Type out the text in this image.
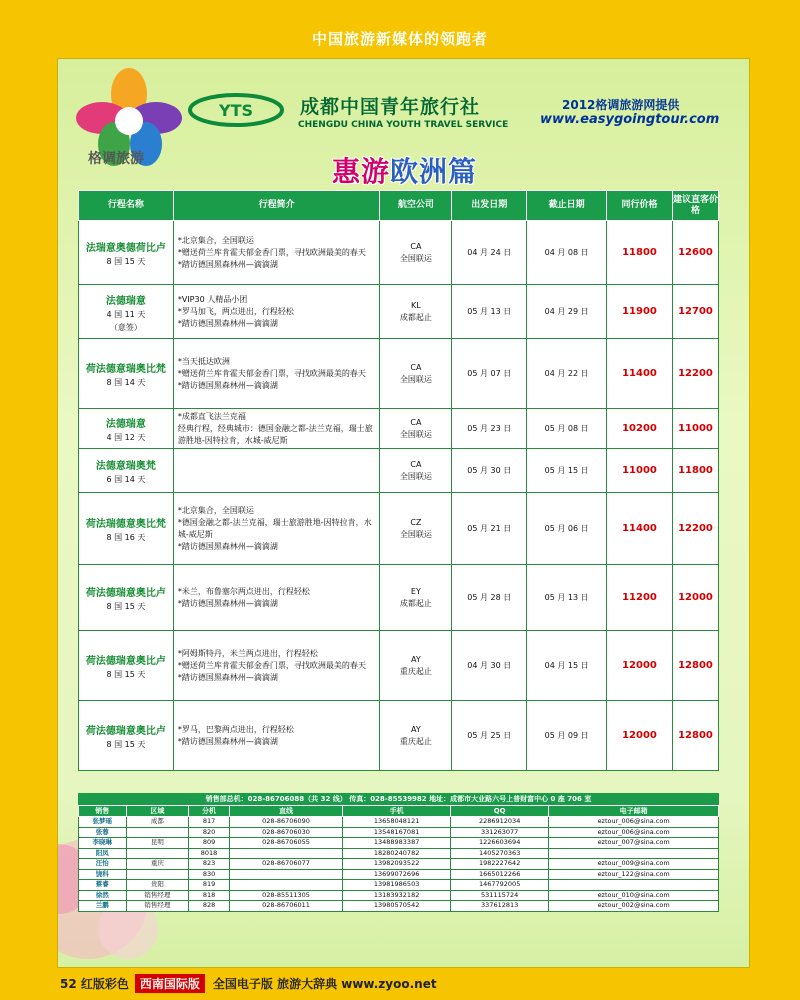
中国旅游新媒体的领跑者
格调旅游
YTS 成都中国青年旅行社
CHENGDU CHINA YOUTH TRAVEL SERVICE
2012格调旅游网提供
www.easygoingtour.com
惠游欧洲篇
行程名称	行程简介	航空公司	出发日期	截止日期	同行价格	建议直客价格

法瑞意奥德荷比卢
8 国 15 天	*北京集合，全国联运
*赠送荷兰库肯霍夫郁金香门票，寻找欧洲最美的春天
*踏访德国黑森林州—滴滴湖	CA
全国联运	04 月 24 日	04 月 08 日	11800	12600

法德瑞意
4 国 11 天
（意签）	*VIP30 人精品小团
*罗马加飞，两点进出，行程轻松
*踏访德国黑森林州—滴滴湖	KL
成都起止	05 月 13 日	04 月 29 日	11900	12700

荷法德意瑞奥比梵
8 国 14 天	*当天抵达欧洲
*赠送荷兰库肯霍夫郁金香门票，寻找欧洲最美的春天
*踏访德国黑森林州—滴滴湖	CA
全国联运	05 月 07 日	04 月 22 日	11400	12200

法德瑞意
4 国 12 天	*成都直飞法兰克福
经典行程，经典城市：德国金融之都-法兰克福，瑞士旅游胜地-因特拉肯，水城-威尼斯	CA
全国联运	05 月 23 日	05 月 08 日	10200	11000

法德意瑞奥梵
6 国 14 天		CA
全国联运	05 月 30 日	05 月 15 日	11000	11800

荷法瑞德意奥比梵
8 国 16 天	*北京集合，全国联运
*德国金融之都-法兰克福，瑞士旅游胜地-因特拉肯，水城-威尼斯
*踏访德国黑森林州—滴滴湖	CZ
全国联运	05 月 21 日	05 月 06 日	11400	12200

荷法德瑞意奥比卢
8 国 15 天	*米兰，布鲁塞尔两点进出，行程轻松
*踏访德国黑森林州—滴滴湖	EY
成都起止	05 月 28 日	05 月 13 日	11200	12000

荷法德瑞意奥比卢
8 国 15 天	*阿姆斯特丹，米兰两点进出，行程轻松
*赠送荷兰库肯霍夫郁金香门票，寻找欧洲最美的春天
*踏访德国黑森林州—滴滴湖	AY
重庆起止	04 月 30 日	04 月 15 日	12000	12800

荷法德瑞意奥比卢
8 国 15 天	*罗马，巴黎两点进出，行程轻松
*踏访德国黑森林州—滴滴湖	AY
重庆起止	05 月 25 日	05 月 09 日	12000	12800
销售部总机：028-86706088（共 32 线） 传真：028-85539982 地址：成都市大业路六号上普财富中心 0 座 706 室
销售	区域	分机	直线	手机	QQ	电子邮箱
张梦瑶	成都	817	028-86706090	13658048121	2286912034	eztour_006@sina.com
张蓉		820	028-86706030	13548167081	331263077	eztour_006@sina.com
李晓琳	昆明	809	028-86706055	13488983387	1226603694	eztour_007@sina.com
阳凤		8018		18280240782	1405270363	
汪怡	重庆	823	028-86706077	13982093522	1982227642	eztour_009@sina.com
饶科		830		13699072696	1665012266	eztour_122@sina.com
蔡睿	贵阳	819		13981986503	1467792005	
徐然	销售经理	818	028-85511305	13183932182	531115724	eztour_010@sina.com
兰鹏	销售经理	828	028-86706011	13980570542	337612813	eztour_002@sina.com
52 红版彩色 西南国际版	全国电子版 旅游大辞典 www.zyoo.net
